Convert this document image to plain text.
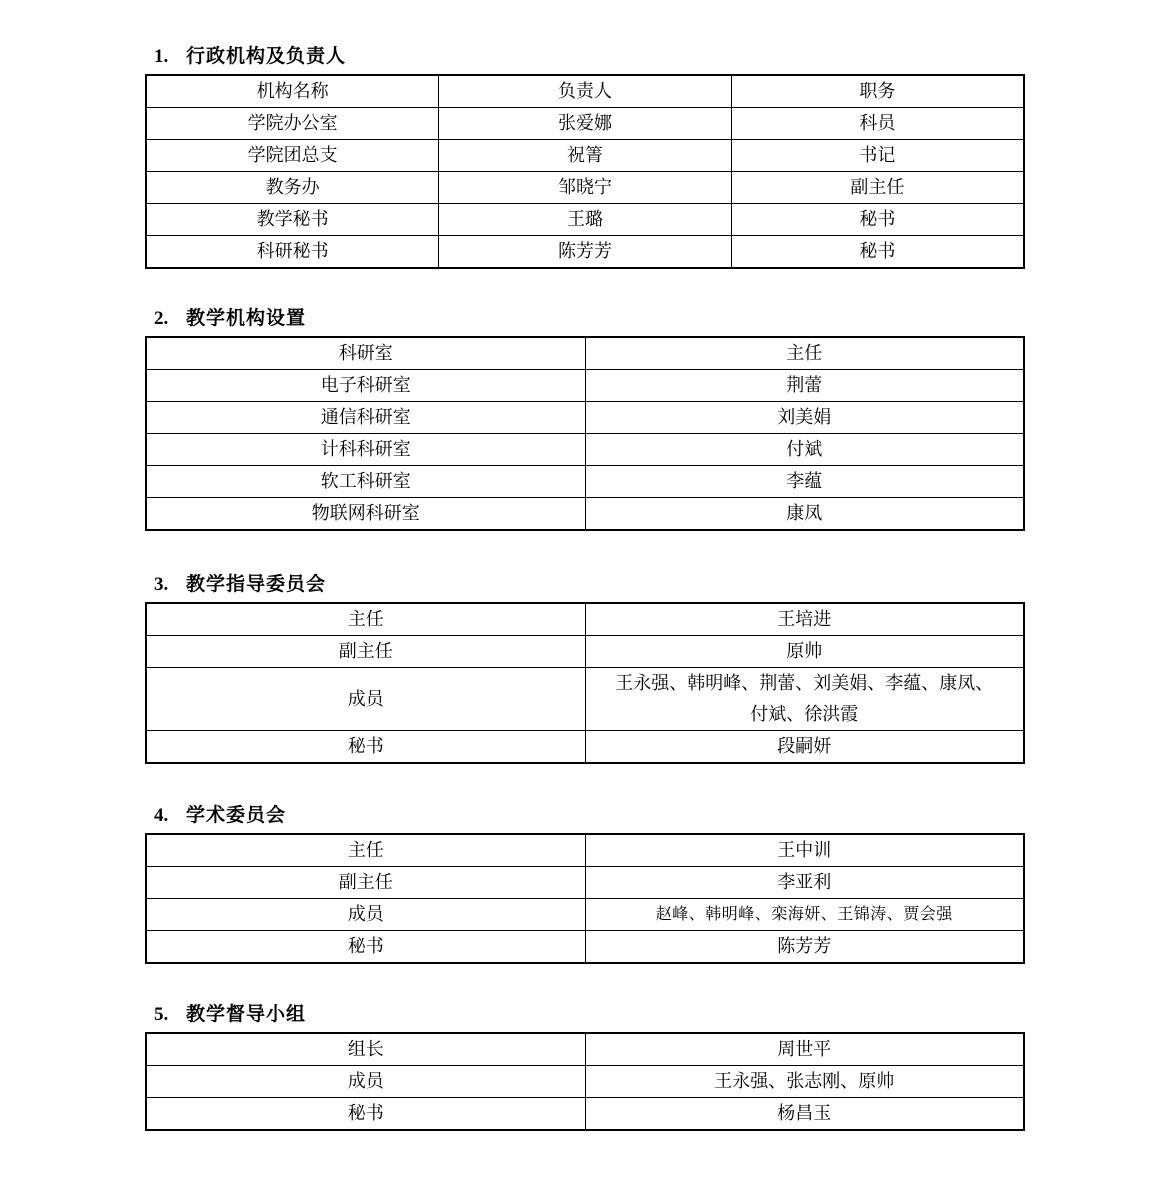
1. 行政机构及负责人
机构名称	负责人	职务
学院办公室	张爱娜	科员
学院团总支	祝箐	书记
教务办	邹晓宁	副主任
教学秘书	王璐	秘书
科研秘书	陈芳芳	秘书
2. 教学机构设置
科研室	主任
电子科研室	荆蕾
通信科研室	刘美娟
计科科研室	付斌
软工科研室	李蕴
物联网科研室	康凤
3. 教学指导委员会
主任	王培进
副主任	原帅
成员	王永强、韩明峰、荆蕾、刘美娟、李蕴、康凤、
付斌、徐洪霞
秘书	段嗣妍
4. 学术委员会
主任	王中训
副主任	李亚利
成员	赵峰、韩明峰、栾海妍、王锦涛、贾会强
秘书	陈芳芳
5. 教学督导小组
组长	周世平
成员	王永强、张志刚、原帅
秘书	杨昌玉
